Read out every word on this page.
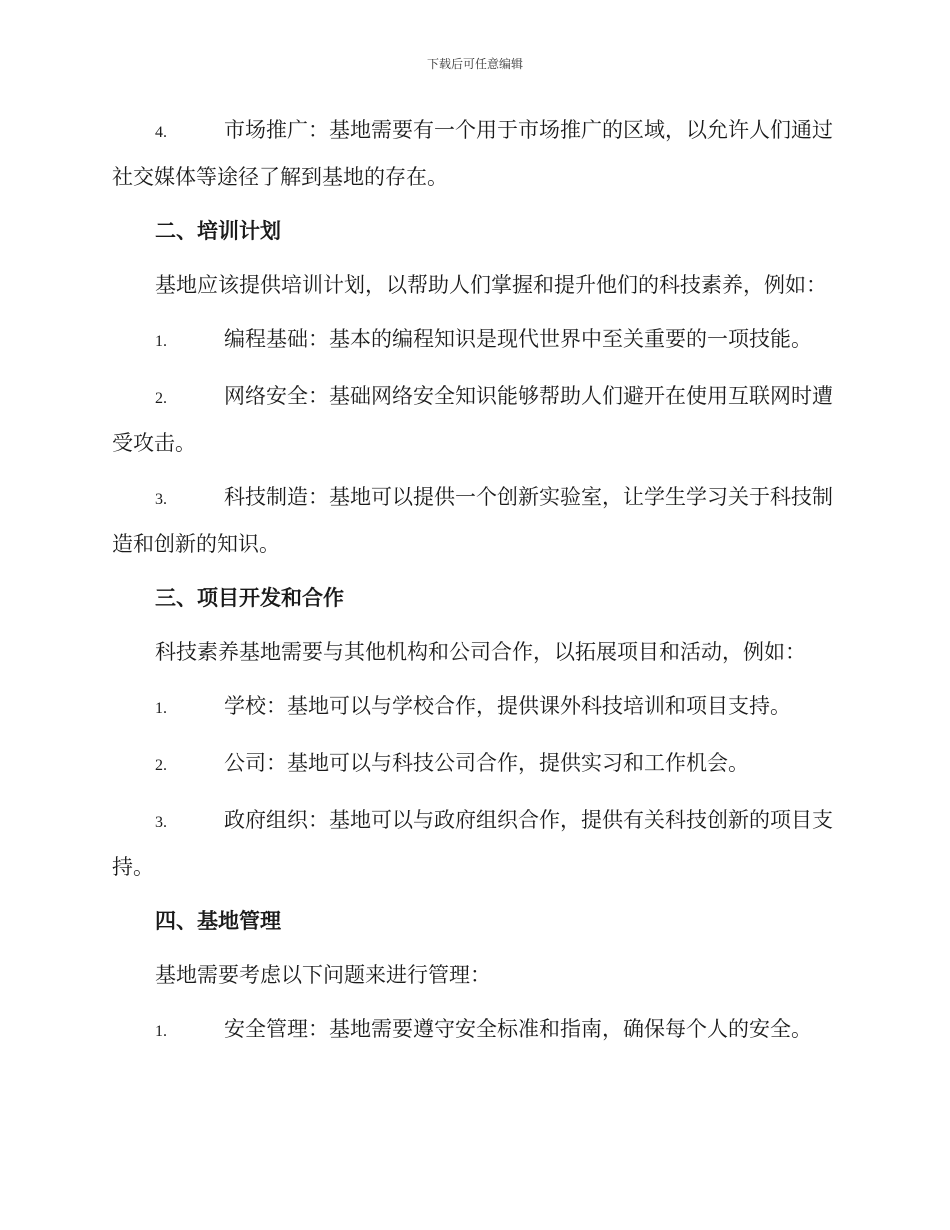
下载后可任意编辑

4.	市场推广：基地需要有一个用于市场推广的区域，以允许人们通过社交媒体等途径了解到基地的存在。

二、培训计划

基地应该提供培训计划，以帮助人们掌握和提升他们的科技素养，例如：

1.	编程基础：基本的编程知识是现代世界中至关重要的一项技能。

2.	网络安全：基础网络安全知识能够帮助人们避开在使用互联网时遭受攻击。

3.	科技制造：基地可以提供一个创新实验室，让学生学习关于科技制造和创新的知识。

三、项目开发和合作

科技素养基地需要与其他机构和公司合作，以拓展项目和活动，例如：

1.	学校：基地可以与学校合作，提供课外科技培训和项目支持。

2.	公司：基地可以与科技公司合作，提供实习和工作机会。

3.	政府组织：基地可以与政府组织合作，提供有关科技创新的项目支持。

四、基地管理

基地需要考虑以下问题来进行管理：

1.	安全管理：基地需要遵守安全标准和指南，确保每个人的安全。
